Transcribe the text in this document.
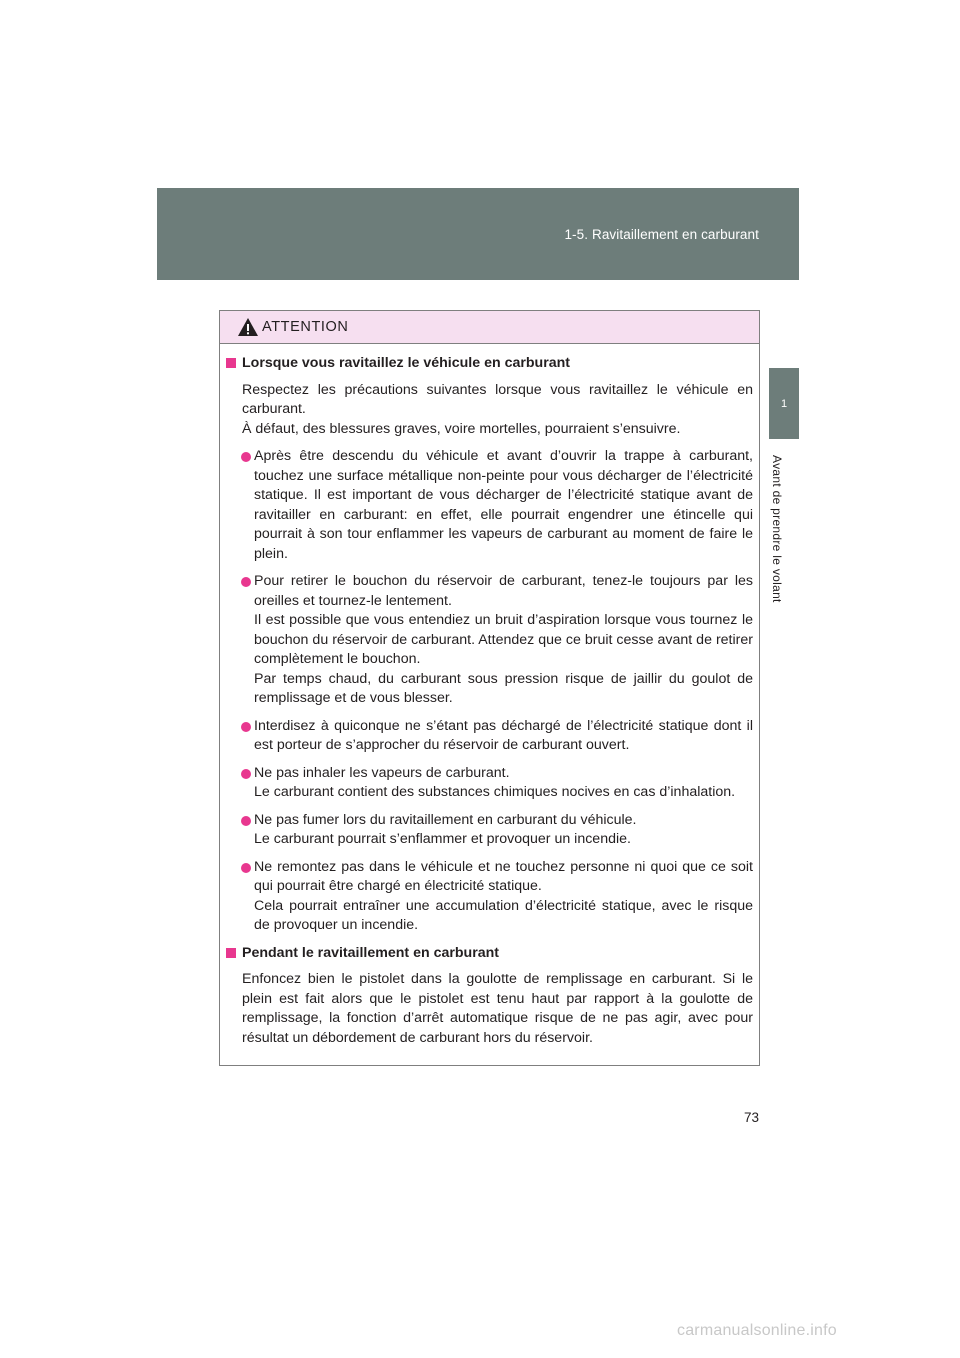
1-5. Ravitaillement en carburant
1
Avant de prendre le volant
ATTENTION
Lorsque vous ravitaillez le véhicule en carburant

Respectez les précautions suivantes lorsque vous ravitaillez le véhicule en carburant.

À défaut, des blessures graves, voire mortelles, pourraient s’ensuivre.

Après être descendu du véhicule et avant d’ouvrir la trappe à carburant, touchez une surface métallique non-peinte pour vous décharger de l’électricité statique. Il est important de vous décharger de l’électricité statique avant de ravitailler en carburant: en effet, elle pourrait engendrer une étincelle qui pourrait à son tour enflammer les vapeurs de carburant au moment de faire le plein.

Pour retirer le bouchon du réservoir de carburant, tenez-le toujours par les oreilles et tournez-le lentement.

Il est possible que vous entendiez un bruit d’aspiration lorsque vous tournez le bouchon du réservoir de carburant. Attendez que ce bruit cesse avant de retirer complètement le bouchon.

Par temps chaud, du carburant sous pression risque de jaillir du goulot de remplissage et de vous blesser.

Interdisez à quiconque ne s’étant pas déchargé de l’électricité statique dont il est porteur de s’approcher du réservoir de carburant ouvert.

Ne pas inhaler les vapeurs de carburant.

Le carburant contient des substances chimiques nocives en cas d’inhalation.

Ne pas fumer lors du ravitaillement en carburant du véhicule.

Le carburant pourrait s’enflammer et provoquer un incendie.

Ne remontez pas dans le véhicule et ne touchez personne ni quoi que ce soit qui pourrait être chargé en électricité statique.

Cela pourrait entraîner une accumulation d’électricité statique, avec le risque de provoquer un incendie.

Pendant le ravitaillement en carburant

Enfoncez bien le pistolet dans la goulotte de remplissage en carburant. Si le plein est fait alors que le pistolet est tenu haut par rapport à la goulotte de remplissage, la fonction d’arrêt automatique risque de ne pas agir, avec pour résultat un débordement de carburant hors du réservoir.

73
carmanualsonline.info
